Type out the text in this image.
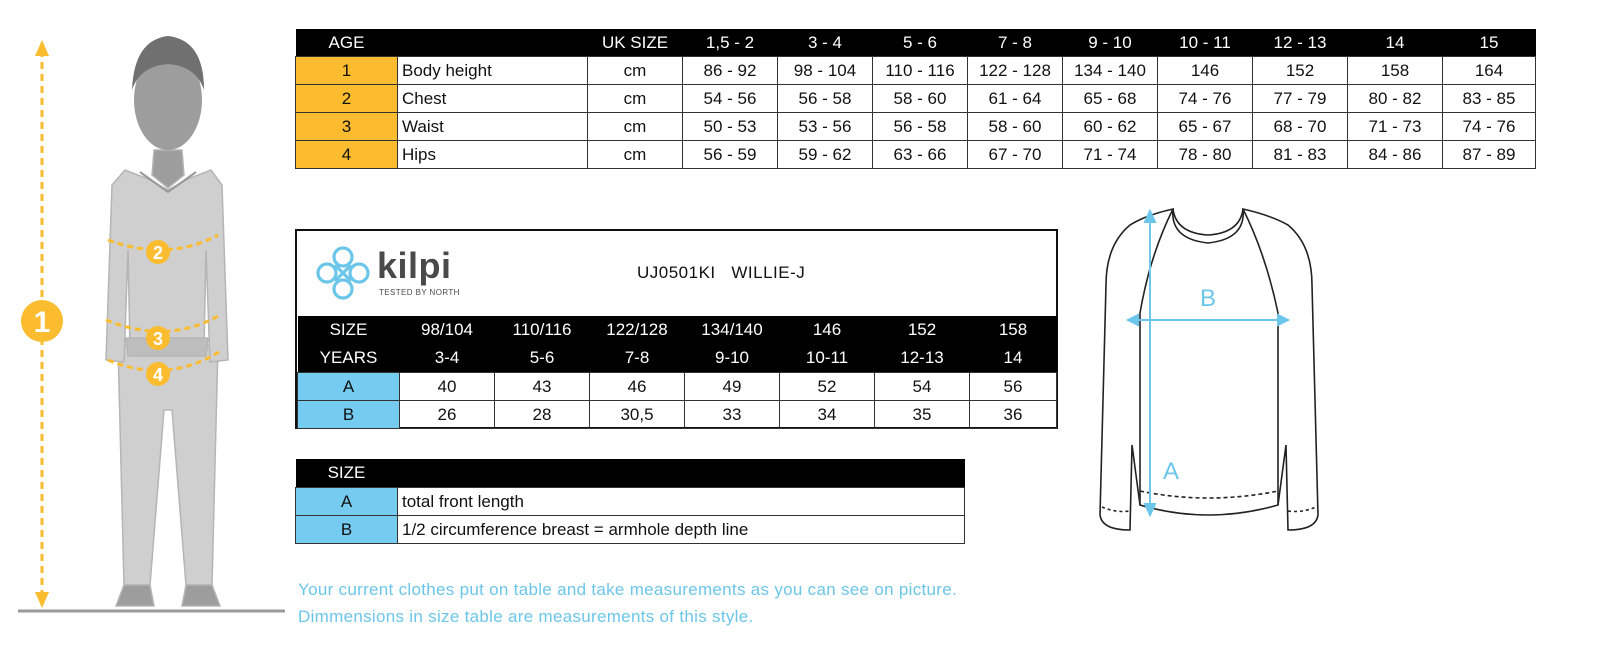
1
2
3
4
AGE		UK SIZE	1,5 - 2	3 - 4	5 - 6	7 - 8	9 - 10	10 - 11	12 - 13	14	15
1	Body height	cm	86 - 92	98 - 104	110 - 116	122 - 128	134 - 140	146	152	158	164
2	Chest	cm	54 - 56	56 - 58	58 - 60	61 - 64	65 - 68	74 - 76	77 - 79	80 - 82	83 - 85
3	Waist	cm	50 - 53	53 - 56	56 - 58	58 - 60	60 - 62	65 - 67	68 - 70	71 - 73	74 - 76
4	Hips	cm	56 - 59	59 - 62	63 - 66	67 - 70	71 - 74	78 - 80	81 - 83	84 - 86	87 - 89
kilpi
TESTED BY NORTH
UJ0501KI WILLIE-J
SIZE	98/104	110/116	122/128	134/140	146	152	158
YEARS	3-4	5-6	7-8	9-10	10-11	12-13	14
A	40	43	46	49	52	54	56
B	26	28	30,5	33	34	35	36
SIZE	
A	total front length
B	1/2 circumference breast = armhole depth line
B
A
Your current clothes put on table and take measurements as you can see on picture.
Dimmensions in size table are measurements of this style.
